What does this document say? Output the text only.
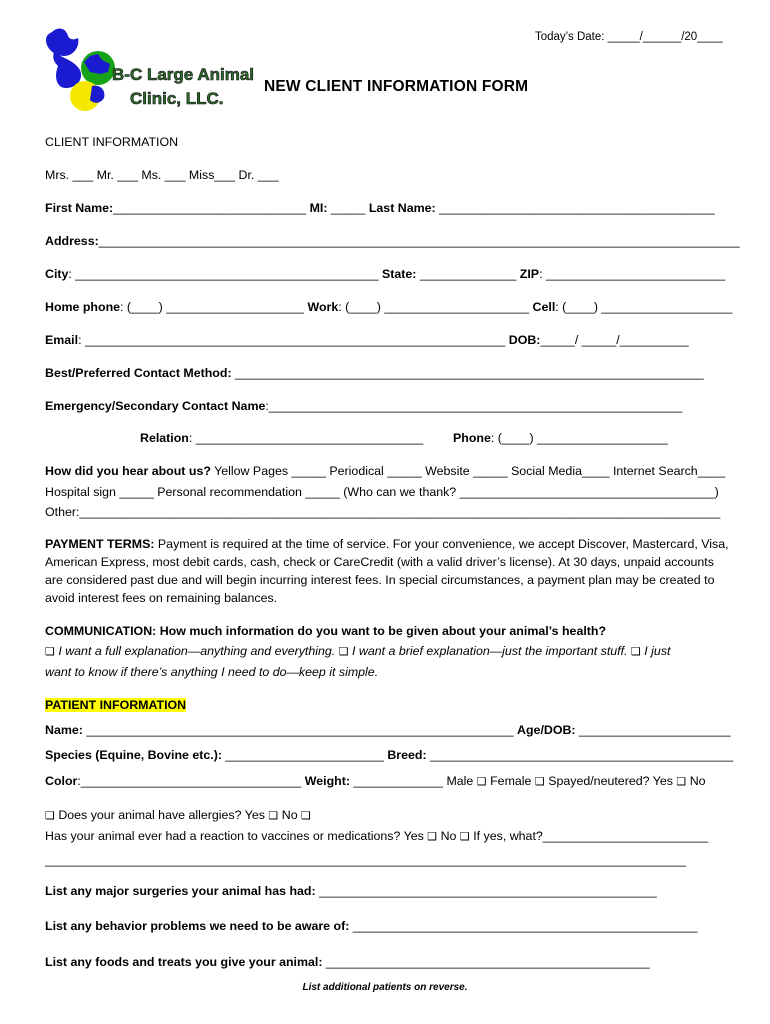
Today’s Date: _____/______/20____
B-C Large Animal
Clinic, LLC.
NEW CLIENT INFORMATION FORM
CLIENT INFORMATION
Mrs. ___ Mr. ___ Ms. ___ Miss___ Dr. ___
First Name:____________________________ MI: _____ Last Name: ________________________________________
Address:_____________________________________________________________________________________________
City: ____________________________________________ State: ______________ ZIP: __________________________
Home phone: (____) ____________________ Work: (____) _____________________ Cell: (____) ___________________
Email: _____________________________________________________________ DOB:_____/ _____/__________
Best/Preferred Contact Method: ____________________________________________________________________
Emergency/Secondary Contact Name:____________________________________________________________
Relation: _________________________________ Phone: (____) ___________________
How did you hear about us? Yellow Pages _____ Periodical _____ Website _____ Social Media____ Internet Search____
Hospital sign _____ Personal recommendation _____ (Who can we thank? _____________________________________)
Other:_____________________________________________________________________________________________
PAYMENT TERMS: Payment is required at the time of service. For your convenience, we accept Discover, Mastercard, Visa, American Express, most debit cards, cash, check or CareCredit (with a valid driver’s license). At 30 days, unpaid accounts are considered past due and will begin incurring interest fees. In special circumstances, a payment plan may be created to avoid interest fees on remaining balances.
COMMUNICATION: How much information do you want to be given about your animal’s health?
❑ I want a full explanation—anything and everything. ❑ I want a brief explanation—just the important stuff. ❑ I just
want to know if there’s anything I need to do—keep it simple.
PATIENT INFORMATION
Name: ______________________________________________________________ Age/DOB: ______________________
Species (Equine, Bovine etc.): _______________________ Breed: ____________________________________________
Color:________________________________ Weight: _____________ Male ❑ Female ❑ Spayed/neutered? Yes ❑ No
❑ Does your animal have allergies? Yes ❑ No ❑
Has your animal ever had a reaction to vaccines or medications? Yes ❑ No ❑ If yes, what?________________________
_____________________________________________________________________________________________
List any major surgeries your animal has had: _________________________________________________
List any behavior problems we need to be aware of: __________________________________________________
List any foods and treats you give your animal: _______________________________________________
List additional patients on reverse.
